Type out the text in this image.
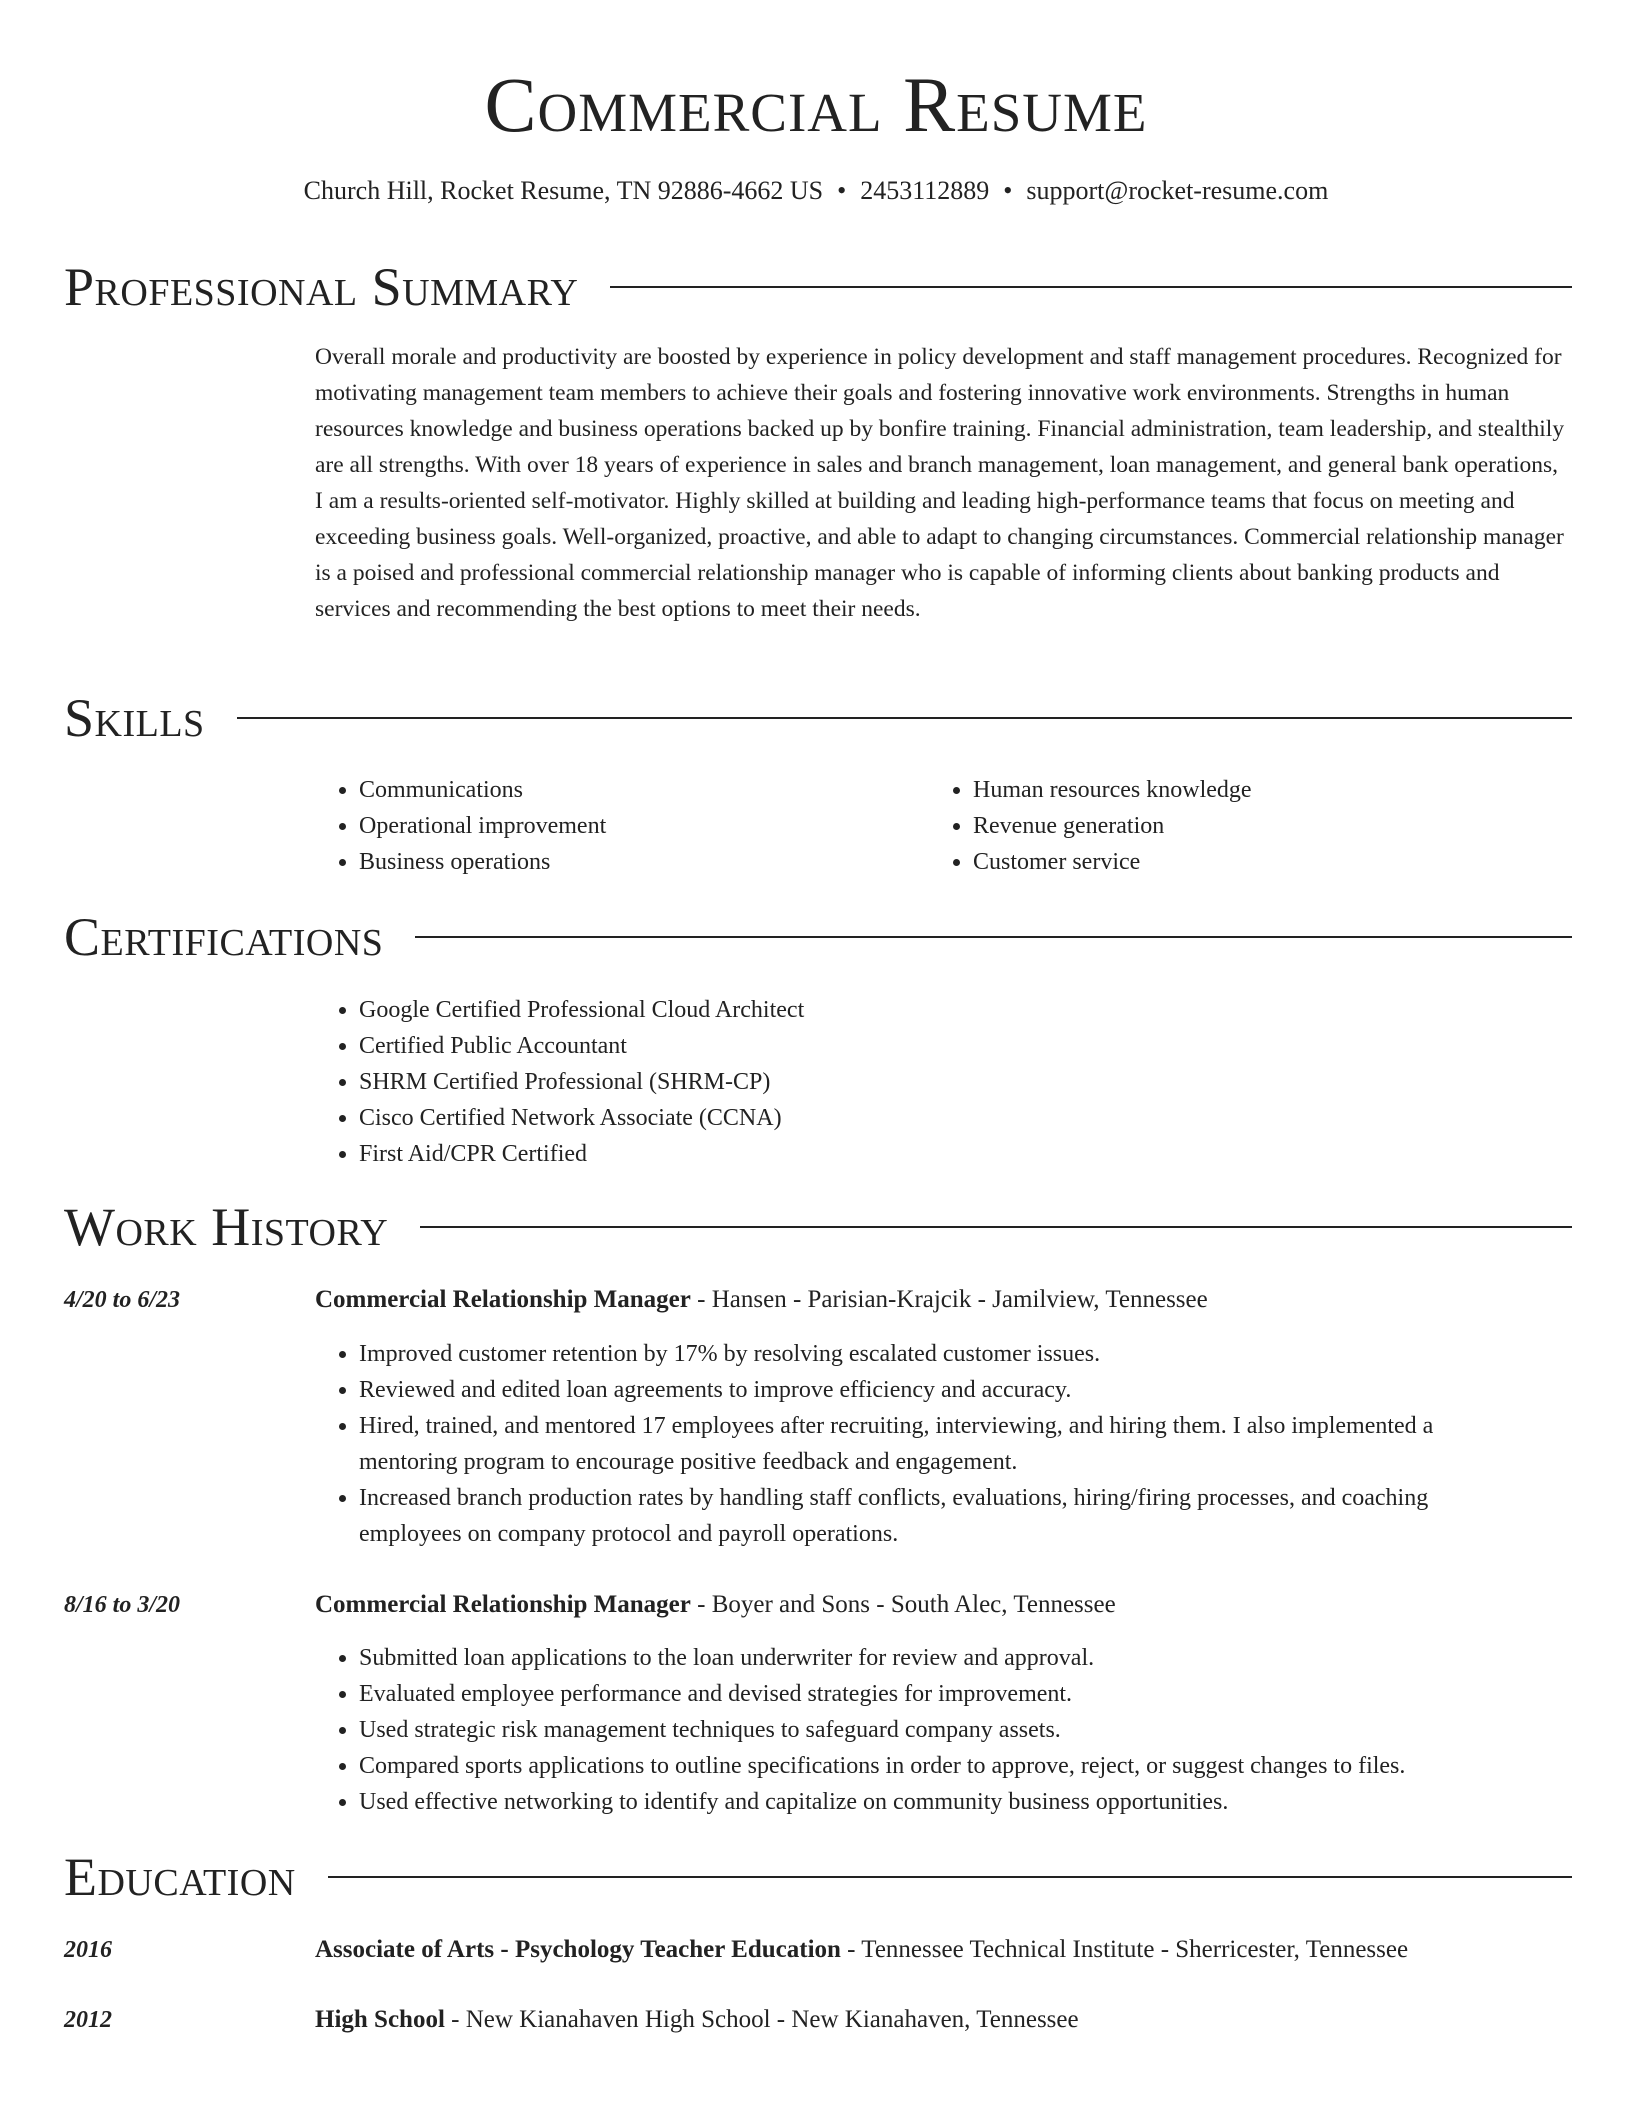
Commercial Resume
Church Hill, Rocket Resume, TN 92886-4662 US • 2453112889 • support@rocket-resume.com
Professional Summary

Overall morale and productivity are boosted by experience in policy development and staff management procedures. Recognized for motivating management team members to achieve their goals and fostering innovative work environments. Strengths in human resources knowledge and business operations backed up by bonfire training. Financial administration, team leadership, and stealthily are all strengths. With over 18 years of experience in sales and branch management, loan management, and general bank operations, I am a results-oriented self-motivator. Highly skilled at building and leading high-performance teams that focus on meeting and exceeding business goals. Well-organized, proactive, and able to adapt to changing circumstances. Commercial relationship manager is a poised and professional commercial relationship manager who is capable of informing clients about banking products and services and recommending the best options to meet their needs.

Skills
• Communications
• Operational improvement
• Business operations
• Human resources knowledge
• Revenue generation
• Customer service
Certifications
• Google Certified Professional Cloud Architect
• Certified Public Accountant
• SHRM Certified Professional (SHRM-CP)
• Cisco Certified Network Associate (CCNA)
• First Aid/CPR Certified
Work History
4/20 to 6/23	Commercial Relationship Manager - Hansen - Parisian-Krajcik - Jamilview, Tennessee
• Improved customer retention by 17% by resolving escalated customer issues.
• Reviewed and edited loan agreements to improve efficiency and accuracy.
• Hired, trained, and mentored 17 employees after recruiting, interviewing, and hiring them. I also implemented a mentoring program to encourage positive feedback and engagement.
• Increased branch production rates by handling staff conflicts, evaluations, hiring/firing processes, and coaching employees on company protocol and payroll operations.
8/16 to 3/20	Commercial Relationship Manager - Boyer and Sons - South Alec, Tennessee
• Submitted loan applications to the loan underwriter for review and approval.
• Evaluated employee performance and devised strategies for improvement.
• Used strategic risk management techniques to safeguard company assets.
• Compared sports applications to outline specifications in order to approve, reject, or suggest changes to files.
• Used effective networking to identify and capitalize on community business opportunities.
Education
2016	Associate of Arts - Psychology Teacher Education - Tennessee Technical Institute - Sherricester, Tennessee
2012	High School - New Kianahaven High School - New Kianahaven, Tennessee
